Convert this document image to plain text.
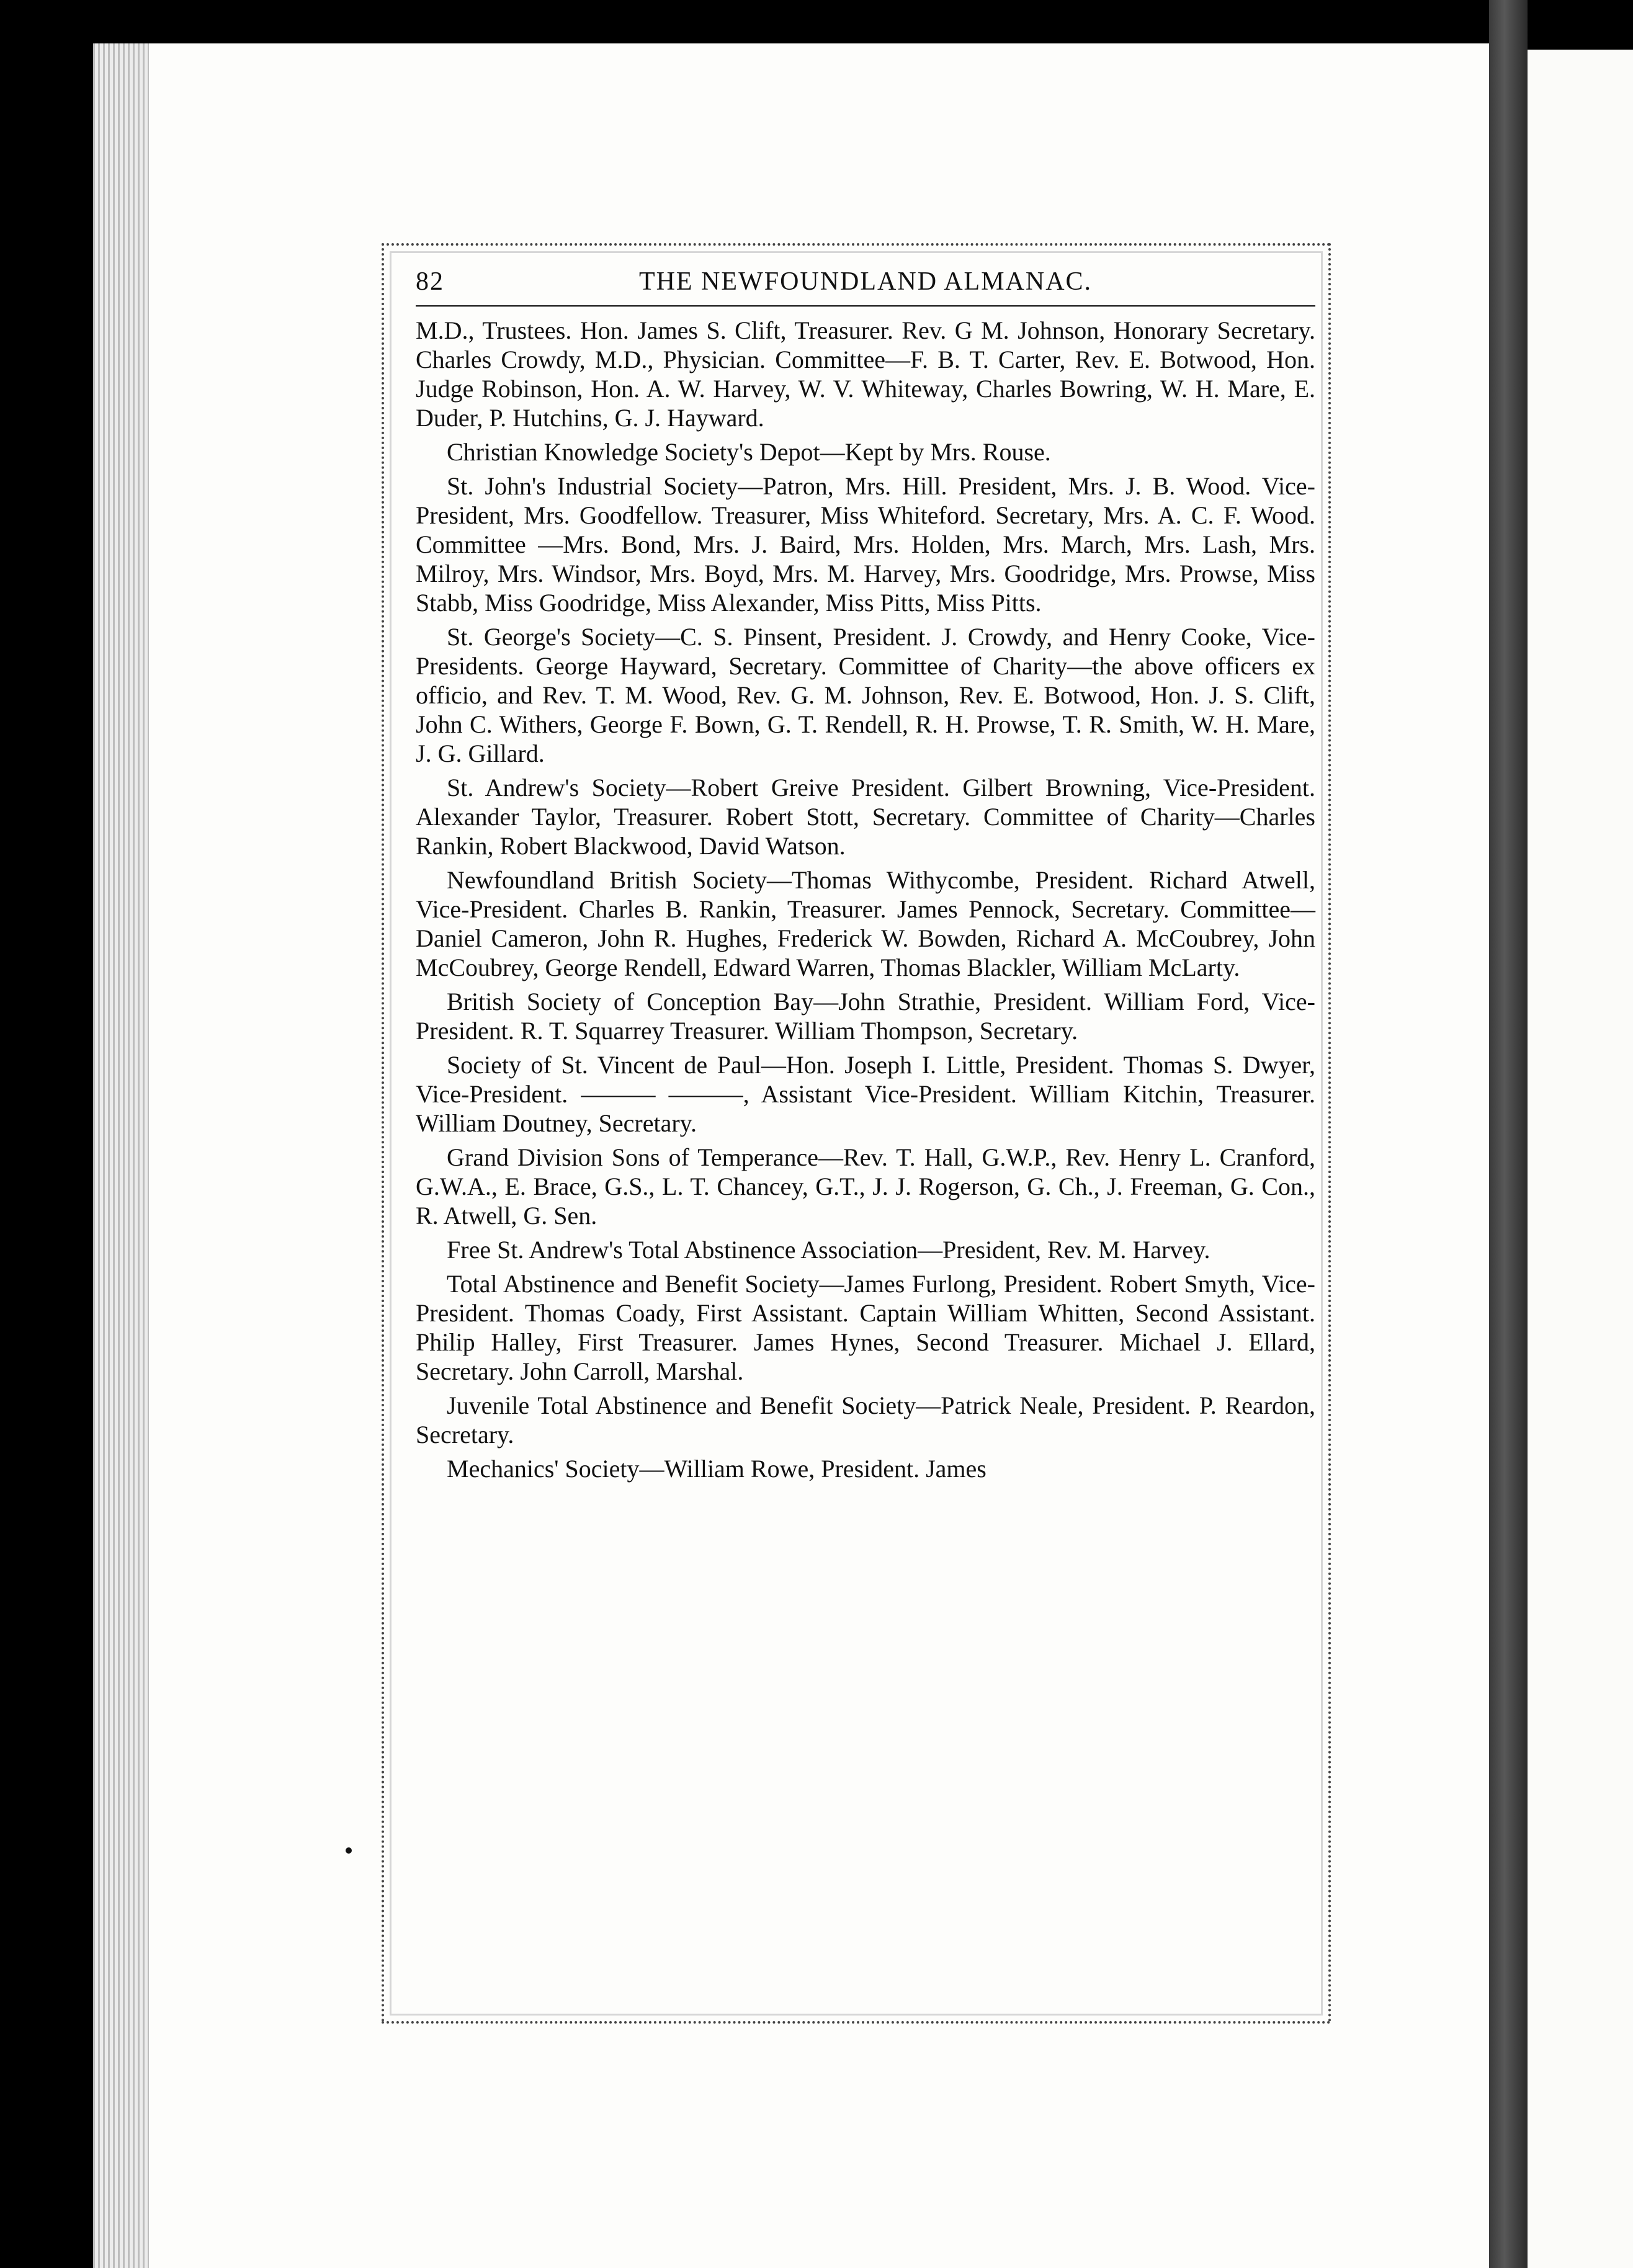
82	THE NEWFOUNDLAND ALMANAC.

M.D., Trustees. Hon. James S. Clift, Treasurer. Rev. G M. Johnson, Honorary Secretary. Charles Crowdy, M.D., Physician. Committee—F. B. T. Carter, Rev. E. Botwood, Hon. Judge Robinson, Hon. A. W. Harvey, W. V. Whiteway, Charles Bowring, W. H. Mare, E. Duder, P. Hutchins, G. J. Hayward.

Christian Knowledge Society's Depot—Kept by Mrs. Rouse.

St. John's Industrial Society—Patron, Mrs. Hill. President, Mrs. J. B. Wood. Vice-President, Mrs. Goodfellow. Treasurer, Miss Whiteford. Secretary, Mrs. A. C. F. Wood. Committee —Mrs. Bond, Mrs. J. Baird, Mrs. Holden, Mrs. March, Mrs. Lash, Mrs. Milroy, Mrs. Windsor, Mrs. Boyd, Mrs. M. Harvey, Mrs. Goodridge, Mrs. Prowse, Miss Stabb, Miss Goodridge, Miss Alexander, Miss Pitts, Miss Pitts.

St. George's Society—C. S. Pinsent, President. J. Crowdy, and Henry Cooke, Vice-Presidents. George Hayward, Secretary. Committee of Charity—the above officers ex officio, and Rev. T. M. Wood, Rev. G. M. Johnson, Rev. E. Botwood, Hon. J. S. Clift, John C. Withers, George F. Bown, G. T. Rendell, R. H. Prowse, T. R. Smith, W. H. Mare, J. G. Gillard.

St. Andrew's Society—Robert Greive President. Gilbert Browning, Vice-President. Alexander Taylor, Treasurer. Robert Stott, Secretary. Committee of Charity—Charles Rankin, Robert Blackwood, David Watson.

Newfoundland British Society—Thomas Withycombe, President. Richard Atwell, Vice-President. Charles B. Rankin, Treasurer. James Pennock, Secretary. Committee—Daniel Cameron, John R. Hughes, Frederick W. Bowden, Richard A. McCoubrey, John McCoubrey, George Rendell, Edward Warren, Thomas Blackler, William McLarty.

British Society of Conception Bay—John Strathie, President. William Ford, Vice-President. R. T. Squarrey Treasurer. William Thompson, Secretary.

Society of St. Vincent de Paul—Hon. Joseph I. Little, President. Thomas S. Dwyer, Vice-President. ——— ———, Assistant Vice-President. William Kitchin, Treasurer. William Doutney, Secretary.

Grand Division Sons of Temperance—Rev. T. Hall, G.W.P., Rev. Henry L. Cranford, G.W.A., E. Brace, G.S., L. T. Chancey, G.T., J. J. Rogerson, G. Ch., J. Freeman, G. Con., R. Atwell, G. Sen.

Free St. Andrew's Total Abstinence Association—President, Rev. M. Harvey.

Total Abstinence and Benefit Society—James Furlong, President. Robert Smyth, Vice-President. Thomas Coady, First Assistant. Captain William Whitten, Second Assistant. Philip Halley, First Treasurer. James Hynes, Second Treasurer. Michael J. Ellard, Secretary. John Carroll, Marshal.

Juvenile Total Abstinence and Benefit Society—Patrick Neale, President. P. Reardon, Secretary.

Mechanics' Society—William Rowe, President. James
